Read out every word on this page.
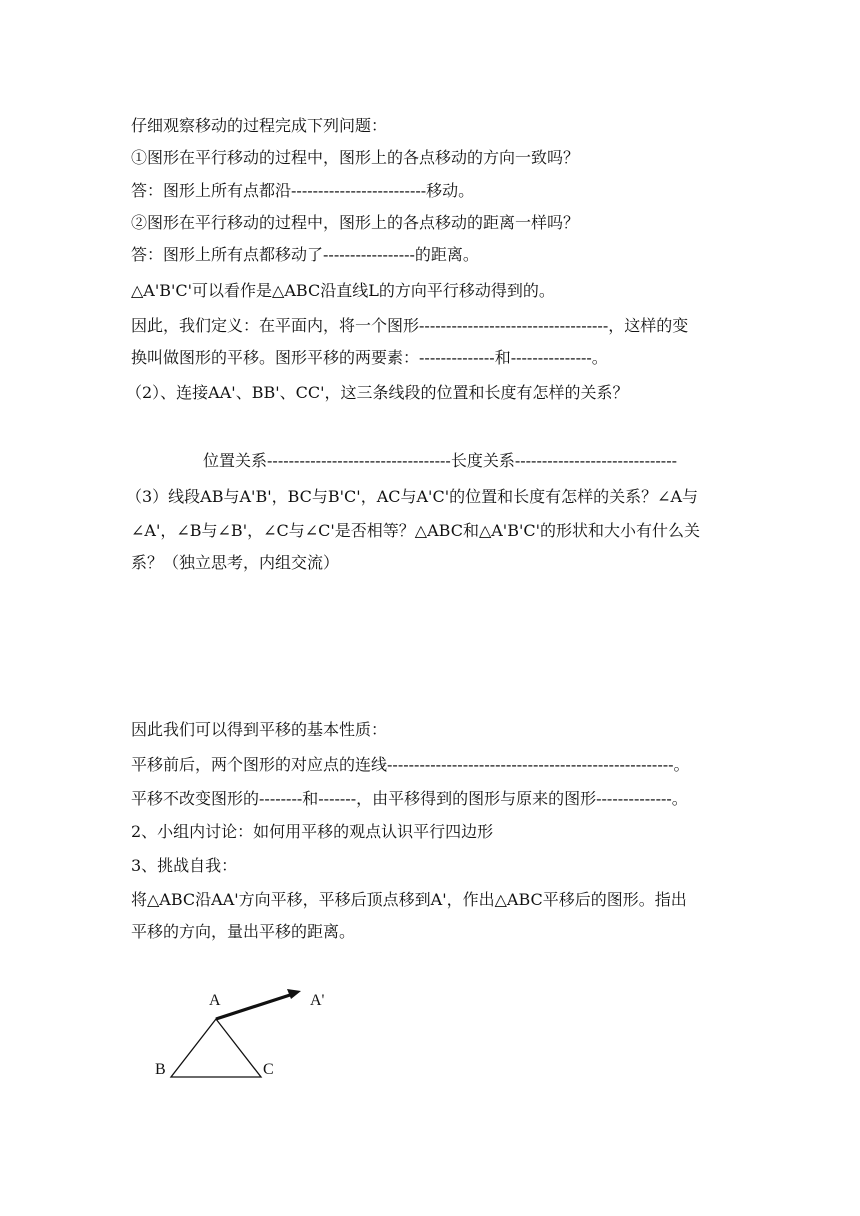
仔细观察移动的过程完成下列问题：
①图形在平行移动的过程中，图形上的各点移动的方向一致吗？
答：图形上所有点都沿-------------------------移动。
②图形在平行移动的过程中，图形上的各点移动的距离一样吗？
答：图形上所有点都移动了-----------------的距离。
△A'B'C'可以看作是△ABC沿直线L的方向平行移动得到的。
因此，我们定义：在平面内，将一个图形-----------------------------------，这样的变
换叫做图形的平移。图形平移的两要素：--------------和---------------。
（2）、连接AA'、BB'、CC'，这三条线段的位置和长度有怎样的关系？
位置关系----------------------------------长度关系------------------------------
（3）线段AB与A'B'，BC与B'C'，AC与A'C'的位置和长度有怎样的关系？∠A与
∠A'，∠B与∠B'，∠C与∠C'是否相等？△ABC和△A'B'C'的形状和大小有什么关
系？（独立思考，内组交流）
因此我们可以得到平移的基本性质：
平移前后，两个图形的对应点的连线-----------------------------------------------------。
平移不改变图形的--------和-------，由平移得到的图形与原来的图形--------------。
2、小组内讨论：如何用平移的观点认识平行四边形
3、挑战自我：
将△ABC沿AA'方向平移，平移后顶点移到A'，作出△ABC平移后的图形。指出
平移的方向，量出平移的距离。
A	A'
B	C
